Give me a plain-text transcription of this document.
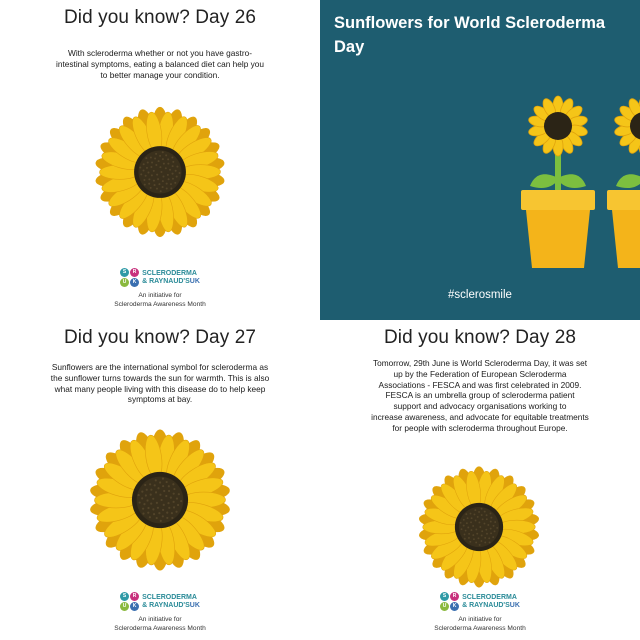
Did you know? Day 26
With scleroderma whether or not you have gastro-
intestinal symptoms, eating a balanced diet can help you
to better manage your condition.
S	R
U	K
SCLERODERMA
& RAYNAUD'SUK
An initiative for
Scleroderma Awareness Month
Sunflowers for World Scleroderma
Day
#sclerosmile
Did you know? Day 27
Sunflowers are the international symbol for scleroderma as
the sunflower turns towards the sun for warmth. This is also
what many people living with this disease do to help keep
symptoms at bay.
S	R
U	K
SCLERODERMA
& RAYNAUD'SUK
An initiative for
Scleroderma Awareness Month
Did you know? Day 28
Tomorrow, 29th June is World Scleroderma Day, it was set
up by the Federation of European Scleroderma
Associations - FESCA and was first celebrated in 2009.
FESCA is an umbrella group of scleroderma patient
support and advocacy organisations working to
increase awareness, and advocate for equitable treatments
for people with scleroderma throughout Europe.
S	R
U	K
SCLERODERMA
& RAYNAUD'SUK
An initiative for
Scleroderma Awareness Month
